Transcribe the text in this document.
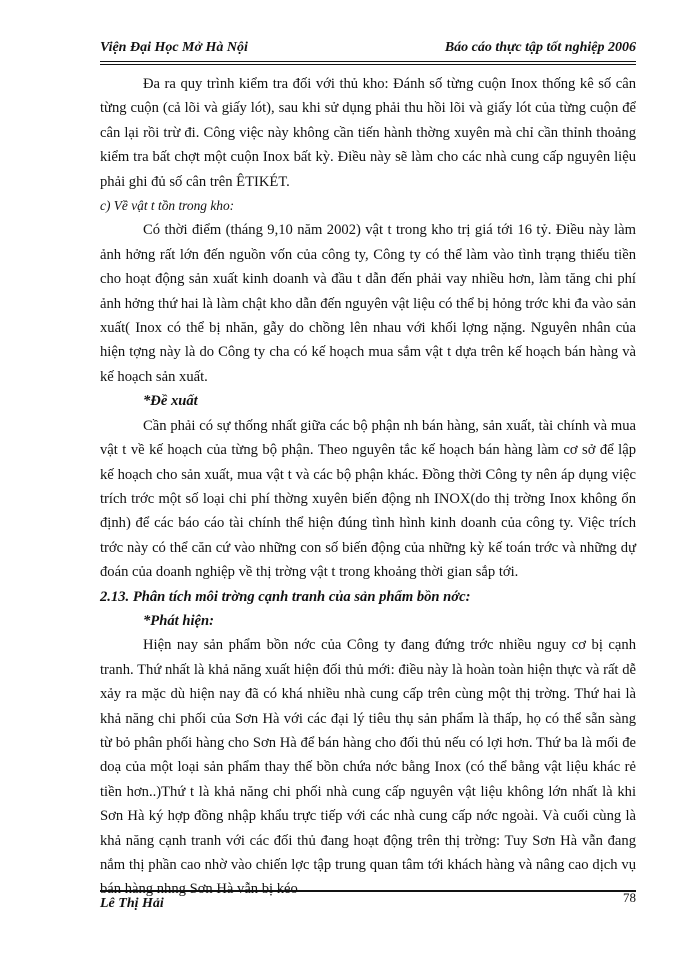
Viện Đại Học Mở Hà Nội	Báo cáo thực tập tốt nghiệp 2006

Đa ra quy trình kiểm tra đối với thủ kho: Đánh số từng cuộn Inox thống kê số cân từng cuộn (cả lõi và giấy lót), sau khi sử dụng phải thu hồi lõi và giấy lót của từng cuộn để cân lại rồi trừ đi. Công việc này không cần tiến hành thờng xuyên mà chỉ cần thỉnh thoảng kiểm tra bất chợt một cuộn Inox bất kỳ. Điều này sẽ làm cho các nhà cung cấp nguyên liệu phải ghi đủ số cân trên ÊTIKÉT.

c) Về vật t tồn trong kho:

Có thời điểm (tháng 9,10 năm 2002) vật t trong kho trị giá tới 16 tỷ. Điều này làm ảnh hởng rất lớn đến nguồn vốn của công ty, Công ty có thể làm vào tình trạng thiếu tiền cho hoạt động sản xuất kinh doanh và đầu t dẫn đến phải vay nhiều hơn, làm tăng chi phí ảnh hởng thứ hai là làm chật kho dẫn đến nguyên vật liệu có thể bị hỏng trớc khi đa vào sản xuất( Inox có thể bị nhăn, gẫy do chồng lên nhau với khối lợng nặng. Nguyên nhân của hiện tợng này là do Công ty cha có kế hoạch mua sắm vật t dựa trên kế hoạch bán hàng và kế hoạch sản xuất.

*Đề xuất

Cần phải có sự thống nhất giữa các bộ phận nh bán hàng, sản xuất, tài chính và mua vật t về kế hoạch của từng bộ phận. Theo nguyên tắc kế hoạch bán hàng làm cơ sở để lập kế hoạch cho sản xuất, mua vật t và các bộ phận khác. Đồng thời Công ty nên áp dụng việc trích trớc một số loại chi phí thờng xuyên biến động nh INOX(do thị trờng Inox không ổn định) để các báo cáo tài chính thể hiện đúng tình hình kinh doanh của công ty. Việc trích trớc này có thể căn cứ vào những con số biến động của những kỳ kế toán trớc và những dự đoán của doanh nghiệp về thị trờng vật t trong khoảng thời gian sắp tới.

2.13. Phân tích môi trờng cạnh tranh của sản phẩm bồn nớc:

*Phát hiện:

Hiện nay sản phẩm bồn nớc của Công ty đang đứng trớc nhiều nguy cơ bị cạnh tranh. Thứ nhất là khả năng xuất hiện đối thủ mới: điều này là hoàn toàn hiện thực và rất dễ xảy ra mặc dù hiện nay đã có khá nhiều nhà cung cấp trên cùng một thị trờng. Thứ hai là khả năng chi phối của Sơn Hà với các đại lý tiêu thụ sản phẩm là thấp, họ có thể sẵn sàng từ bỏ phân phối hàng cho Sơn Hà để bán hàng cho đối thủ nếu có lợi hơn. Thứ ba là mối đe doạ của một loại sản phẩm thay thế bồn chứa nớc bằng Inox (có thể bằng vật liệu khác rẻ tiền hơn..)Thứ t là khả năng chi phối nhà cung cấp nguyên vật liệu không lớn nhất là khi Sơn Hà ký hợp đồng nhập khẩu trực tiếp với các nhà cung cấp nớc ngoài. Và cuối cùng là khả năng cạnh tranh với các đối thủ đang hoạt động trên thị trờng: Tuy Sơn Hà vẫn đang nắm thị phần cao nhờ vào chiến lợc tập trung quan tâm tới khách hàng và nâng cao dịch vụ bán hàng nhng Sơn Hà vẫn bị kéo

Lê Thị Hải	78
